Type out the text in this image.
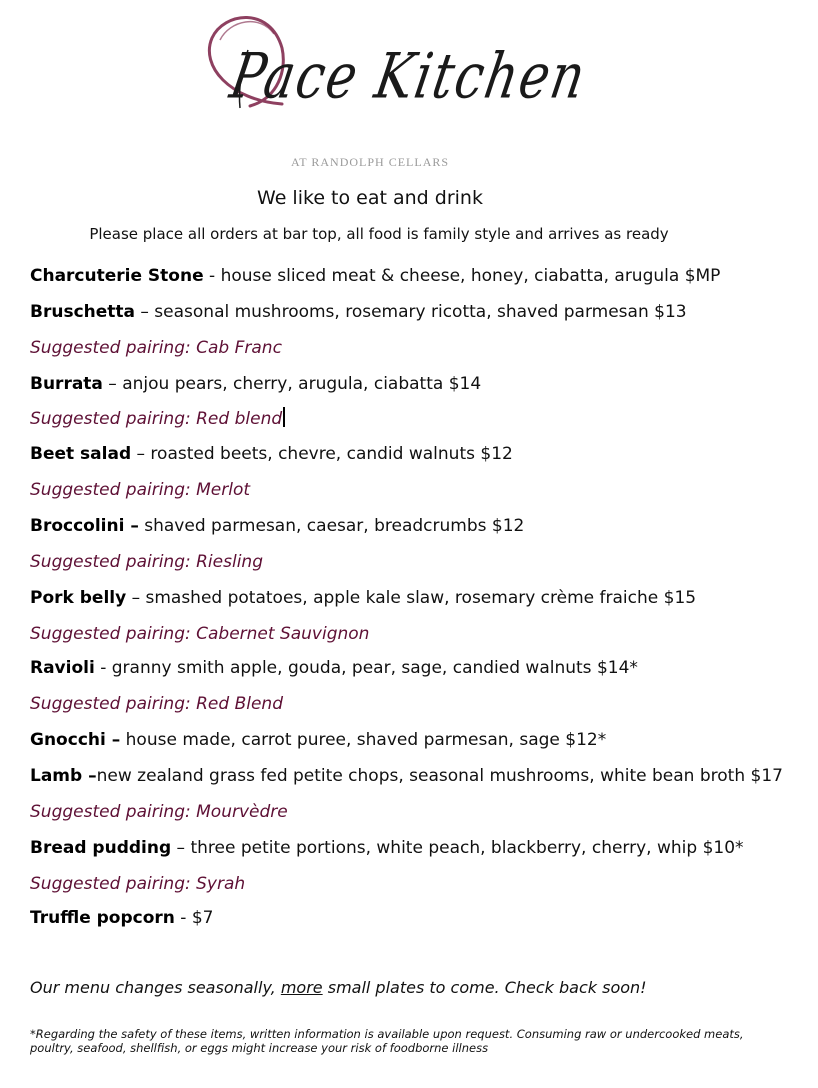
Pace Kitchen
AT RANDOLPH CELLARS
We like to eat and drink
Please place all orders at bar top, all food is family style and arrives as ready
Charcuterie Stone - house sliced meat & cheese, honey, ciabatta, arugula $MP
Bruschetta – seasonal mushrooms, rosemary ricotta, shaved parmesan $13
Suggested pairing: Cab Franc
Burrata – anjou pears, cherry, arugula, ciabatta $14
Suggested pairing: Red blend
Beet salad – roasted beets, chevre, candid walnuts $12
Suggested pairing: Merlot
Broccolini – shaved parmesan, caesar, breadcrumbs $12
Suggested pairing: Riesling
Pork belly – smashed potatoes, apple kale slaw, rosemary crème fraiche $15
Suggested pairing: Cabernet Sauvignon
Ravioli - granny smith apple, gouda, pear, sage, candied walnuts $14*
Suggested pairing: Red Blend
Gnocchi – house made, carrot puree, shaved parmesan, sage $12*
Lamb –new zealand grass fed petite chops, seasonal mushrooms, white bean broth $17
Suggested pairing: Mourvèdre
Bread pudding – three petite portions, white peach, blackberry, cherry, whip $10*
Suggested pairing: Syrah
Truffle popcorn - $7
Our menu changes seasonally, more small plates to come. Check back soon!
*Regarding the safety of these items, written information is available upon request. Consuming raw or undercooked meats, poultry, seafood, shellfish, or eggs might increase your risk of foodborne illness
